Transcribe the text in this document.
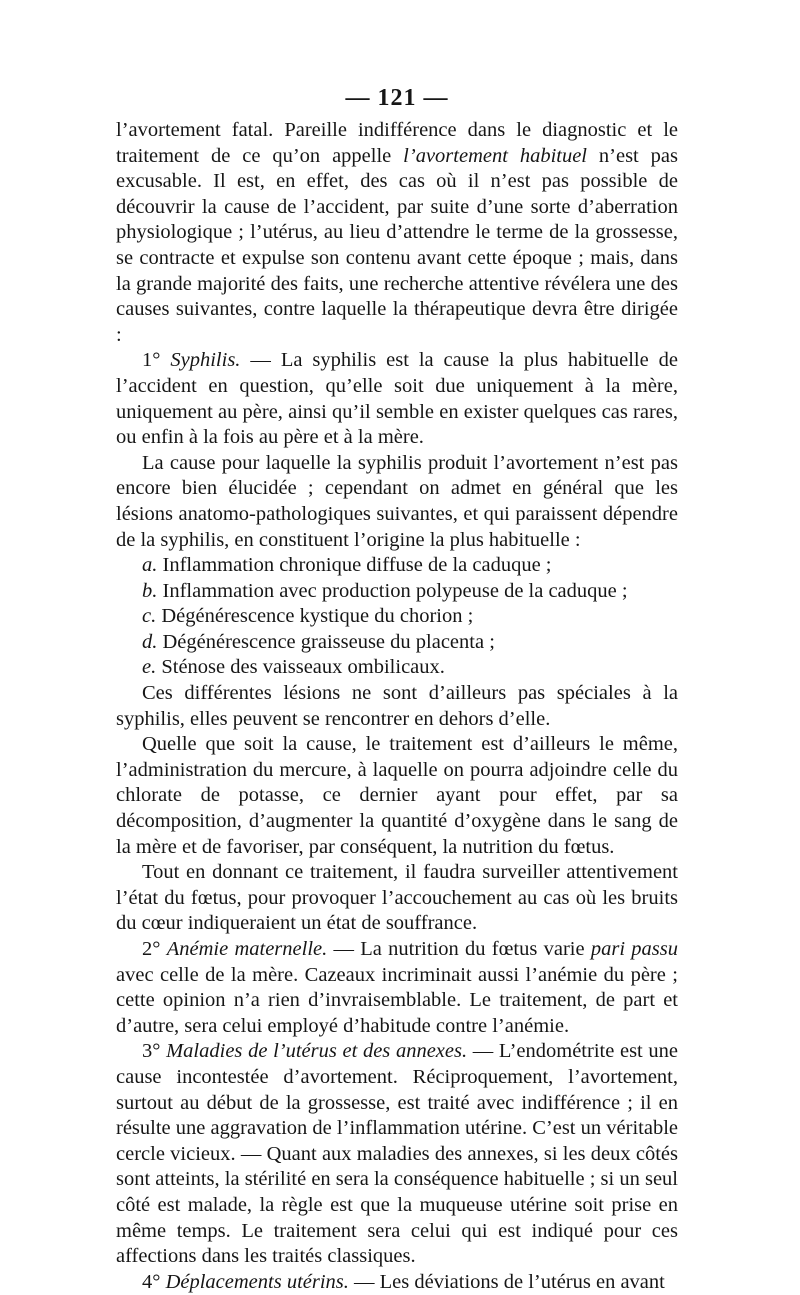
— 121 —

l’avortement fatal. Pareille indifférence dans le diagnostic et le traitement de ce qu’on appelle l’avortement habituel n’est pas excusable. Il est, en effet, des cas où il n’est pas possible de découvrir la cause de l’accident, par suite d’une sorte d’aberration physiologique ; l’utérus, au lieu d’attendre le terme de la grossesse, se contracte et expulse son contenu avant cette époque ; mais, dans la grande majorité des faits, une recherche attentive révélera une des causes suivantes, contre laquelle la thérapeutique devra être dirigée :

1° Syphilis. — La syphilis est la cause la plus habituelle de l’accident en question, qu’elle soit due uniquement à la mère, uniquement au père, ainsi qu’il semble en exister quelques cas rares, ou enfin à la fois au père et à la mère.

La cause pour laquelle la syphilis produit l’avortement n’est pas encore bien élucidée ; cependant on admet en général que les lésions anatomo-pathologiques suivantes, et qui paraissent dépendre de la syphilis, en constituent l’origine la plus habituelle :

a. Inflammation chronique diffuse de la caduque ;

b. Inflammation avec production polypeuse de la caduque ;

c. Dégénérescence kystique du chorion ;

d. Dégénérescence graisseuse du placenta ;

e. Sténose des vaisseaux ombilicaux.

Ces différentes lésions ne sont d’ailleurs pas spéciales à la syphilis, elles peuvent se rencontrer en dehors d’elle.

Quelle que soit la cause, le traitement est d’ailleurs le même, l’administration du mercure, à laquelle on pourra adjoindre celle du chlorate de potasse, ce dernier ayant pour effet, par sa décomposition, d’augmenter la quantité d’oxygène dans le sang de la mère et de favoriser, par conséquent, la nutrition du fœtus.

Tout en donnant ce traitement, il faudra surveiller attentivement l’état du fœtus, pour provoquer l’accouchement au cas où les bruits du cœur indiqueraient un état de souffrance.

2° Anémie maternelle. — La nutrition du fœtus varie pari passu avec celle de la mère. Cazeaux incriminait aussi l’anémie du père ; cette opinion n’a rien d’invraisemblable. Le traitement, de part et d’autre, sera celui employé d’habitude contre l’anémie.

3° Maladies de l’utérus et des annexes. — L’endométrite est une cause incontestée d’avortement. Réciproquement, l’avortement, surtout au début de la grossesse, est traité avec indifférence ; il en résulte une aggravation de l’inflammation utérine. C’est un véritable cercle vicieux. — Quant aux maladies des annexes, si les deux côtés sont atteints, la stérilité en sera la conséquence habituelle ; si un seul côté est malade, la règle est que la muqueuse utérine soit prise en même temps. Le traitement sera celui qui est indiqué pour ces affections dans les traités classiques.

4° Déplacements utérins. — Les déviations de l’utérus en avant
